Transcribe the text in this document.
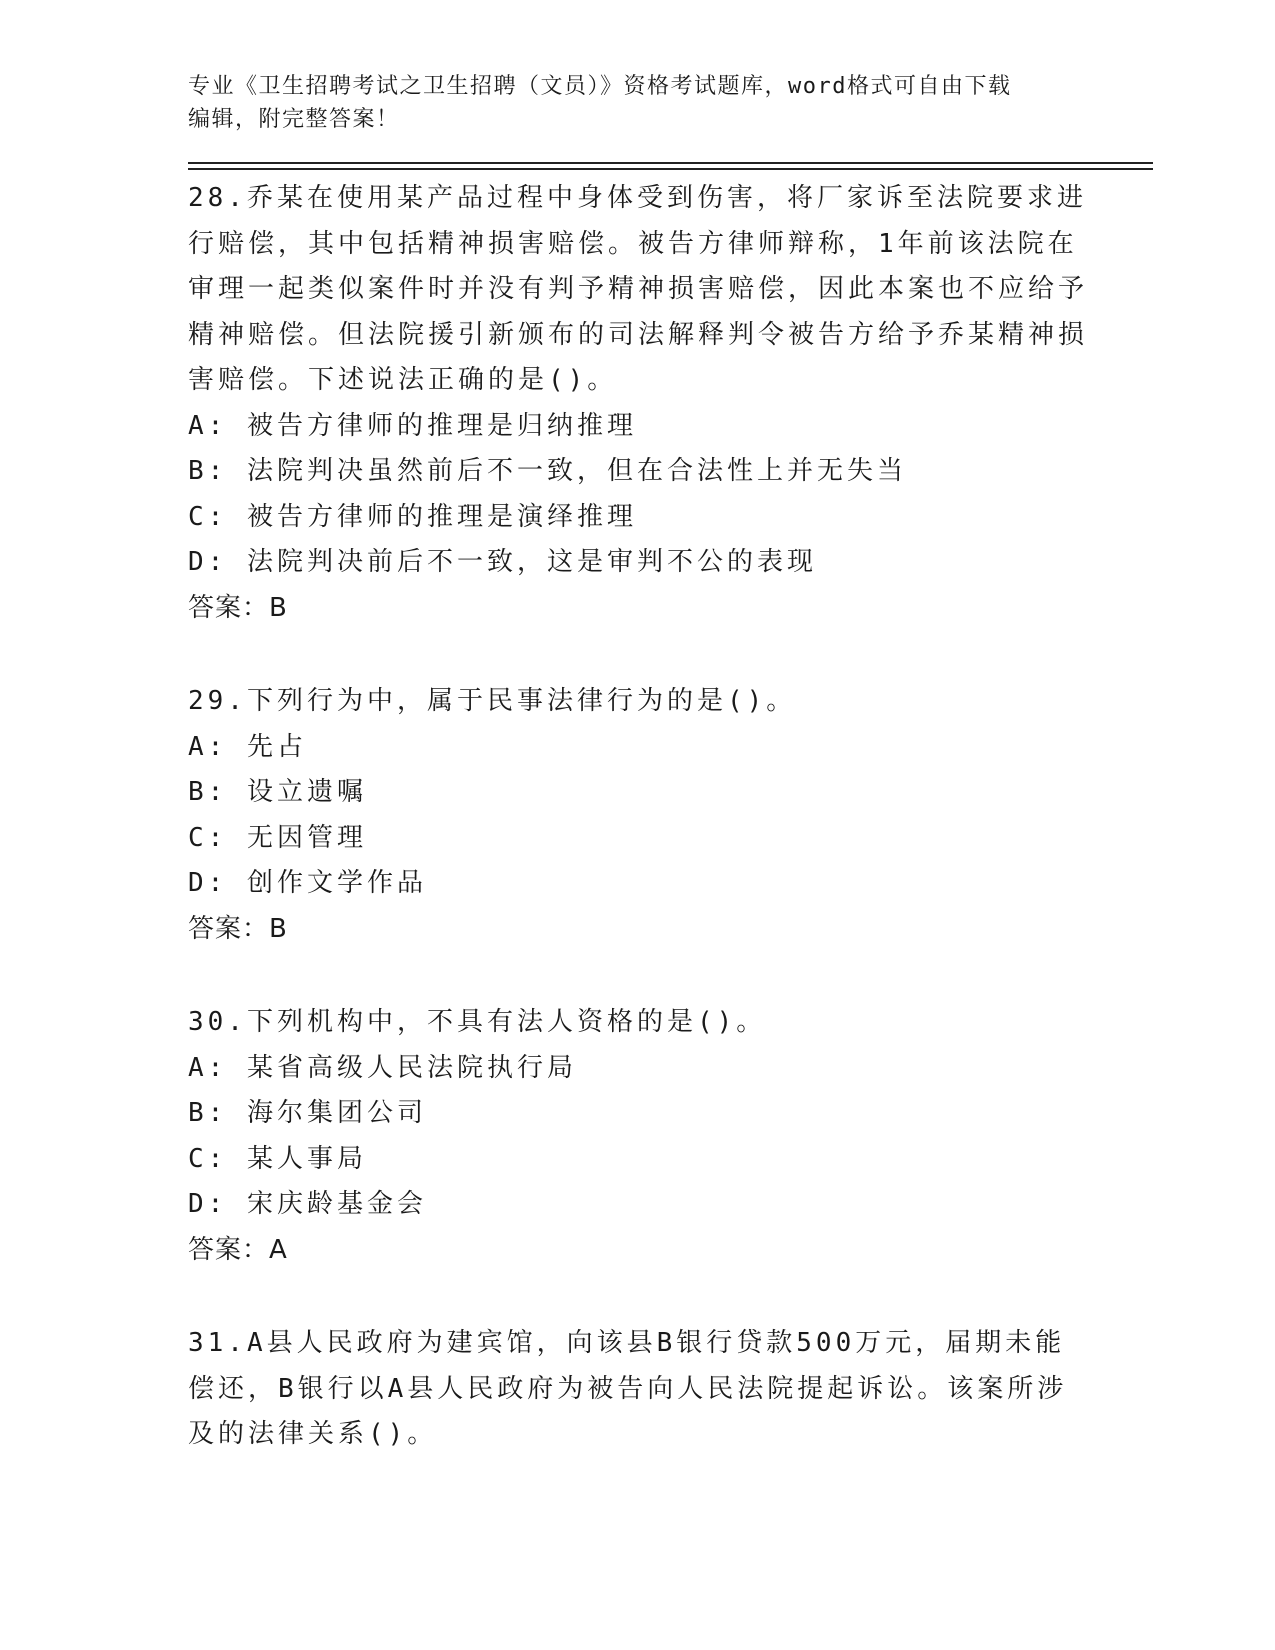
专业《卫生招聘考试之卫生招聘（文员）》资格考试题库，word格式可自由下载
编辑，附完整答案！

28.乔某在使用某产品过程中身体受到伤害，将厂家诉至法院要求进行赔偿，其中包括精神损害赔偿。被告方律师辩称，1年前该法院在审理一起类似案件时并没有判予精神损害赔偿，因此本案也不应给予精神赔偿。但法院援引新颁布的司法解释判令被告方给予乔某精神损害赔偿。下述说法正确的是()。

A: 被告方律师的推理是归纳推理

B: 法院判决虽然前后不一致，但在合法性上并无失当

C: 被告方律师的推理是演绎推理

D: 法院判决前后不一致，这是审判不公的表现

答案：B

29.下列行为中，属于民事法律行为的是()。

A: 先占

B: 设立遗嘱

C: 无因管理

D: 创作文学作品

答案：B

30.下列机构中，不具有法人资格的是()。

A: 某省高级人民法院执行局

B: 海尔集团公司

C: 某人事局

D: 宋庆龄基金会

答案：A

31.A县人民政府为建宾馆，向该县B银行贷款500万元，届期未能偿还，B银行以A县人民政府为被告向人民法院提起诉讼。该案所涉及的法律关系()。
